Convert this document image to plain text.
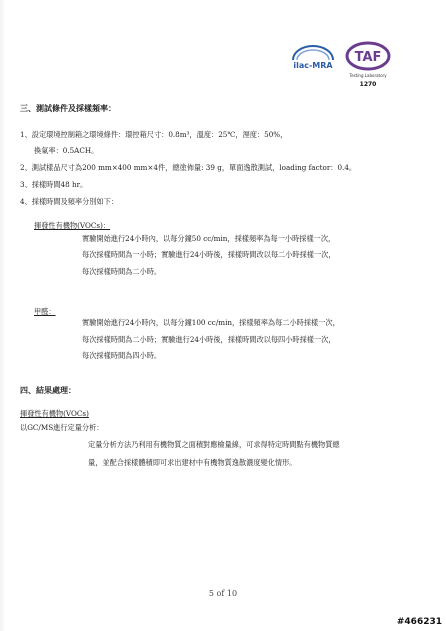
ilac-MRA
TAF
Testing Laboratory
1270
三、測試條件及採樣頻率：
1、設定環境控制箱之環境條件：環控箱尺寸：0.8m³，溫度：25℃，溼度：50%，
換氣率：0.5ACH。
2、測試樣品尺寸為200 mm×400 mm×4件，總塗佈量: 39 g，單面逸散測試，loading factor：0.4。
3、採樣時間48 hr。
4、採樣時間及頻率分別如下：
揮發性有機物(VOCs)：
實驗開始進行24小時內，以每分鐘50 cc/min，採樣頻率為每一小時採樣一次，
每次採樣時間為一小時；實驗進行24小時後，採樣時間改以每二小時採樣一次，
每次採樣時間為二小時。
甲醛：
實驗開始進行24小時內，以每分鐘100 cc/min，採樣頻率為每二小時採樣一次，
每次採樣時間為二小時；實驗進行24小時後，採樣時間改以每四小時採樣一次，
每次採樣時間為四小時。
四、結果處理：
揮發性有機物(VOCs)
以GC/MS進行定量分析：
定量分析方法乃利用有機物質之面積對應檢量線，可求得特定時間點有機物質總
量，並配合採樣體積即可求出建材中有機物質逸散濃度變化情形。
5 of 10
#466231
